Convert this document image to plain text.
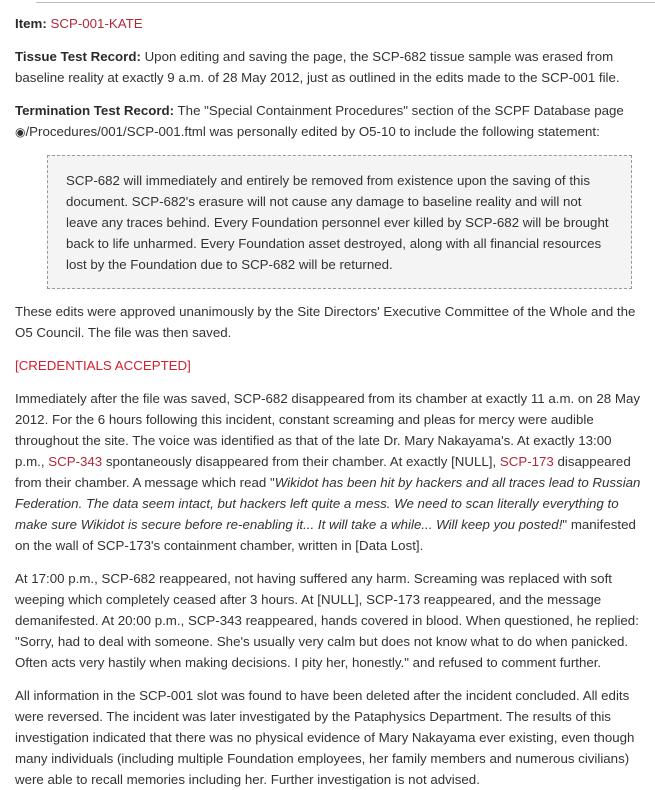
Item: SCP-001-KATE

Tissue Test Record: Upon editing and saving the page, the SCP-682 tissue sample was erased from baseline reality at exactly 9 a.m. of 28 May 2012, just as outlined in the edits made to the SCP-001 file.

Termination Test Record: The "Special Containment Procedures" section of the SCPF Database page ◉/Procedures/001/SCP-001.ftml was personally edited by O5-10 to include the following statement:

SCP-682 will immediately and entirely be removed from existence upon the saving of this document. SCP-682's erasure will not cause any damage to baseline reality and will not leave any traces behind. Every Foundation personnel ever killed by SCP-682 will be brought back to life unharmed. Every Foundation asset destroyed, along with all financial resources lost by the Foundation due to SCP-682 will be returned.

These edits were approved unanimously by the Site Directors' Executive Committee of the Whole and the O5 Council. The file was then saved.

[CREDENTIALS ACCEPTED]

Immediately after the file was saved, SCP-682 disappeared from its chamber at exactly 11 a.m. on 28 May 2012. For the 6 hours following this incident, constant screaming and pleas for mercy were audible throughout the site. The voice was identified as that of the late Dr. Mary Nakayama's. At exactly 13:00 p.m., SCP-343 spontaneously disappeared from their chamber. At exactly [NULL], SCP-173 disappeared from their chamber. A message which read "Wikidot has been hit by hackers and all traces lead to Russian Federation. The data seem intact, but hackers left quite a mess. We need to scan literally everything to make sure Wikidot is secure before re-enabling it... It will take a while... Will keep you posted!" manifested on the wall of SCP-173's containment chamber, written in [Data Lost].

At 17:00 p.m., SCP-682 reappeared, not having suffered any harm. Screaming was replaced with soft weeping which completely ceased after 3 hours. At [NULL], SCP-173 reappeared, and the message demanifested. At 20:00 p.m., SCP-343 reappeared, hands covered in blood. When questioned, he replied: "Sorry, had to deal with someone. She's usually very calm but does not know what to do when panicked. Often acts very hastily when making decisions. I pity her, honestly." and refused to comment further.

All information in the SCP-001 slot was found to have been deleted after the incident concluded. All edits were reversed. The incident was later investigated by the Pataphysics Department. The results of this investigation indicated that there was no physical evidence of Mary Nakayama ever existing, even though many individuals (including multiple Foundation employees, her family members and numerous civilians) were able to recall memories including her. Further investigation is not advised.
